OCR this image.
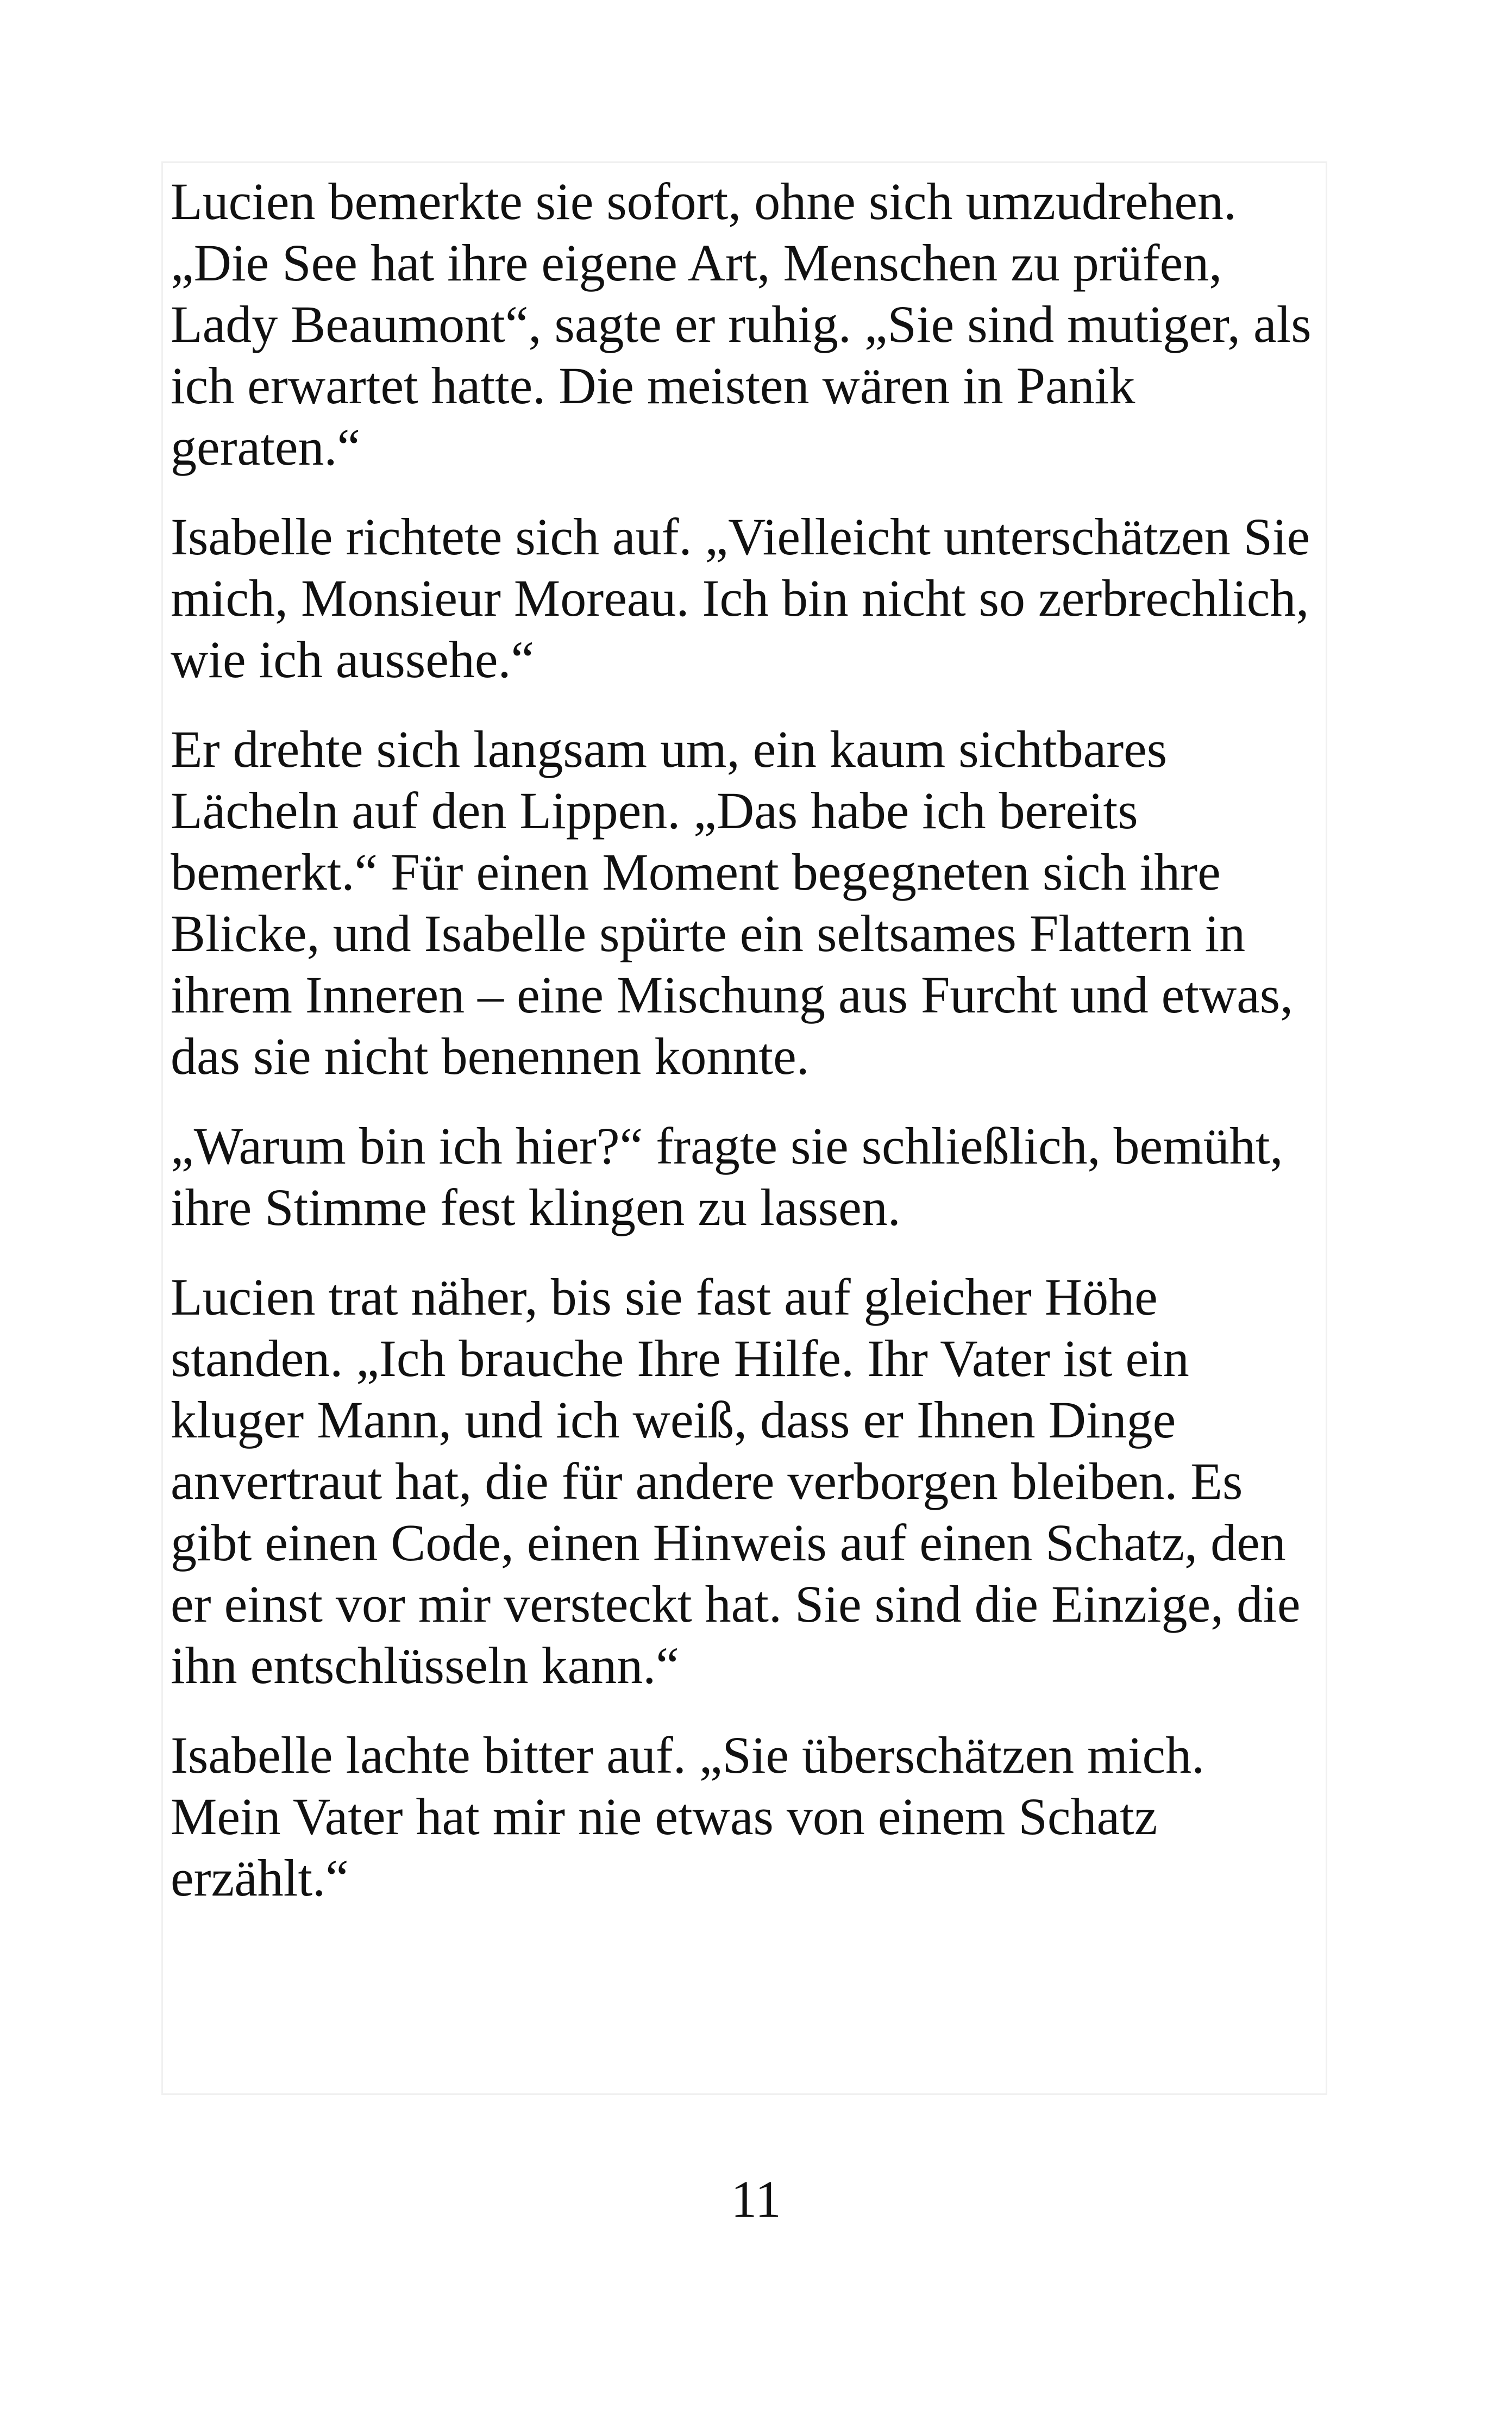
Lucien bemerkte sie sofort, ohne sich umzudrehen. „Die See hat ihre eigene Art, Menschen zu prüfen, Lady Beaumont“, sagte er ruhig. „Sie sind mutiger, als ich erwartet hatte. Die meisten wären in Panik geraten.“

Isabelle richtete sich auf. „Vielleicht unterschätzen Sie mich, Monsieur Moreau. Ich bin nicht so zerbrechlich, wie ich aussehe.“

Er drehte sich langsam um, ein kaum sichtbares Lächeln auf den Lippen. „Das habe ich bereits bemerkt.“ Für einen Moment begegneten sich ihre Blicke, und Isabelle spürte ein seltsames Flattern in ihrem Inneren – eine Mischung aus Furcht und etwas, das sie nicht benennen konnte.

„Warum bin ich hier?“ fragte sie schließlich, bemüht, ihre Stimme fest klingen zu lassen.

Lucien trat näher, bis sie fast auf gleicher Höhe standen. „Ich brauche Ihre Hilfe. Ihr Vater ist ein kluger Mann, und ich weiß, dass er Ihnen Dinge anvertraut hat, die für andere verborgen bleiben. Es gibt einen Code, einen Hinweis auf einen Schatz, den er einst vor mir versteckt hat. Sie sind die Einzige, die ihn entschlüsseln kann.“

Isabelle lachte bitter auf. „Sie überschätzen mich. Mein Vater hat mir nie etwas von einem Schatz erzählt.“

11
